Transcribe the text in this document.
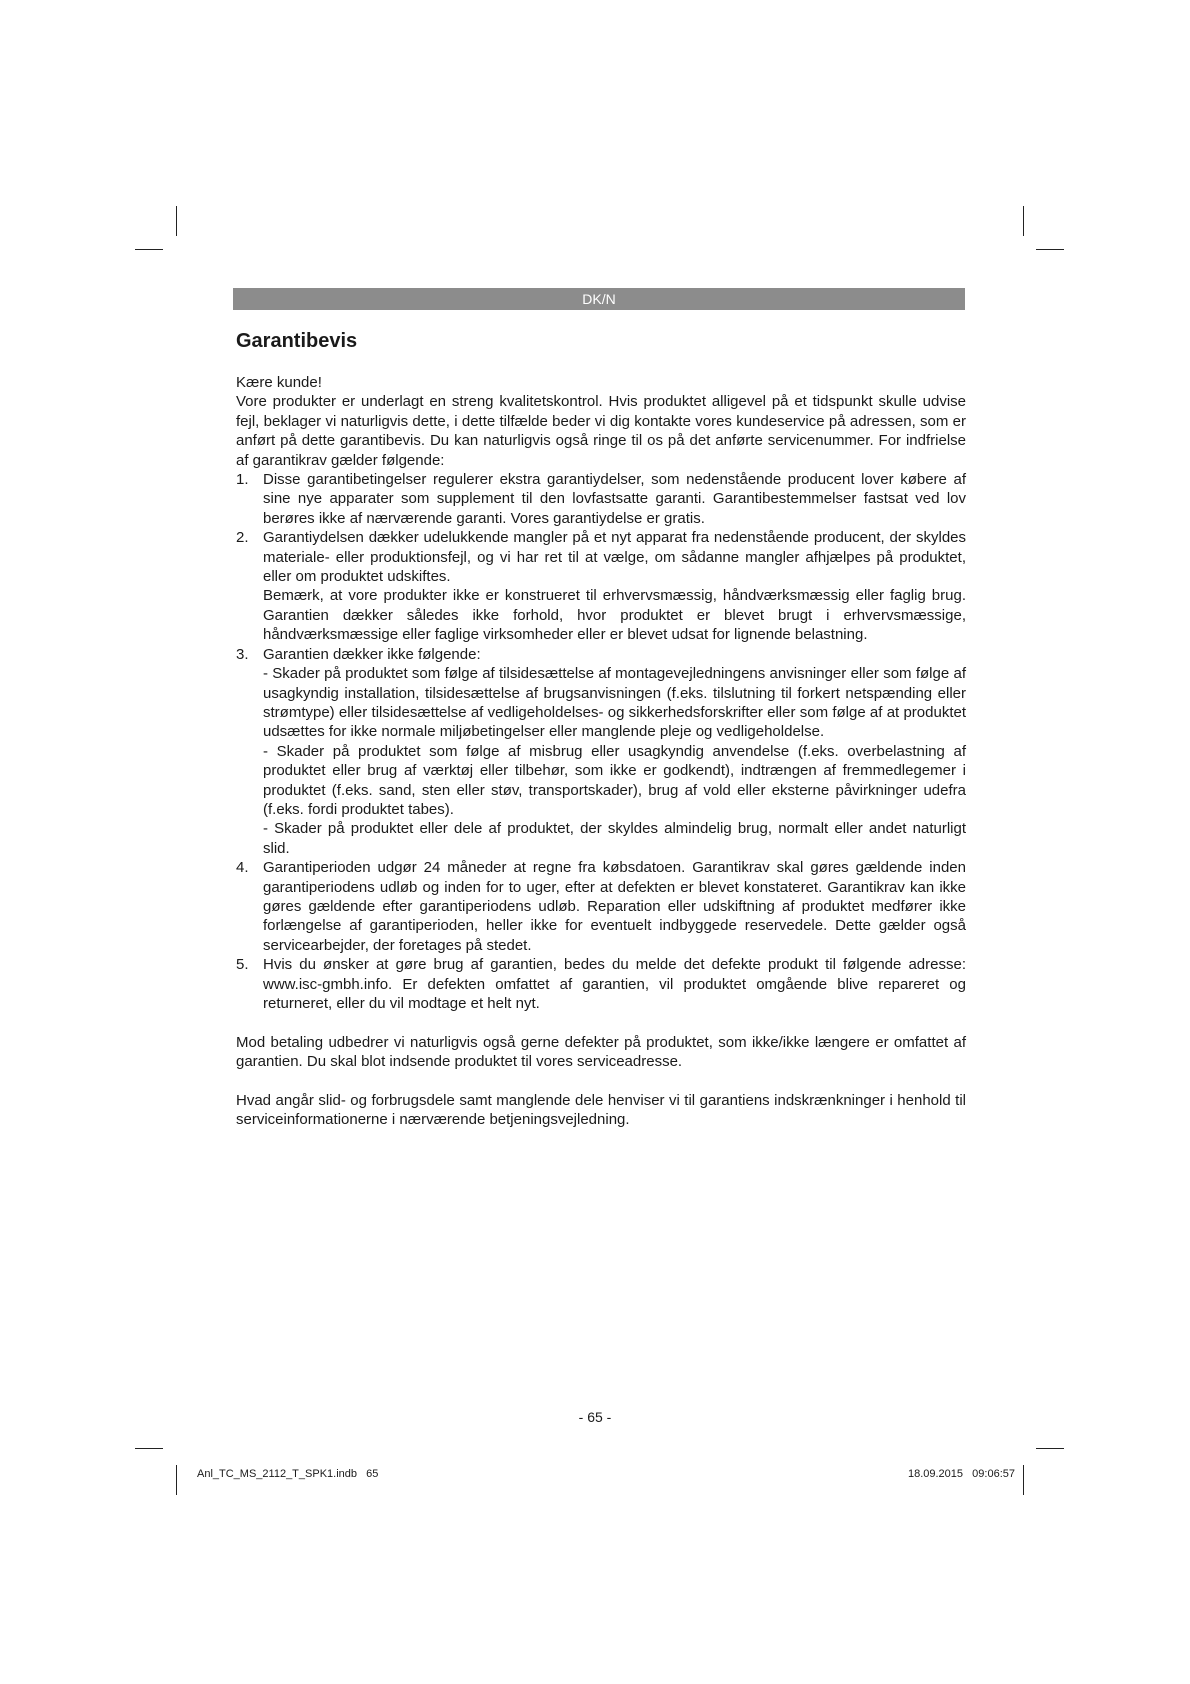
DK/N
Garantibevis

Kære kunde!

Vore produkter er underlagt en streng kvalitetskontrol. Hvis produktet alligevel på et tidspunkt skulle udvise fejl, beklager vi naturligvis dette, i dette tilfælde beder vi dig kontakte vores kundeservice på adressen, som er anført på dette garantibevis. Du kan naturligvis også ringe til os på det anførte servicenummer. For indfrielse af garantikrav gælder følgende:

1. Disse garantibetingelser regulerer ekstra garantiydelser, som nedenstående producent lover købere af sine nye apparater som supplement til den lovfastsatte garanti. Garantibestemmelser fastsat ved lov berøres ikke af nærværende garanti. Vores garantiydelse er gratis.

2. Garantiydelsen dækker udelukkende mangler på et nyt apparat fra nedenstående producent, der skyldes materiale- eller produktionsfejl, og vi har ret til at vælge, om sådanne mangler afhjælpes på produktet, eller om produktet udskiftes.

Bemærk, at vore produkter ikke er konstrueret til erhvervsmæssig, håndværksmæssig eller faglig brug. Garantien dækker således ikke forhold, hvor produktet er blevet brugt i erhvervsmæssige, håndværksmæssige eller faglige virksomheder eller er blevet udsat for lignende belastning.

3. Garantien dækker ikke følgende:

- Skader på produktet som følge af tilsidesættelse af montagevejledningens anvisninger eller som følge af usagkyndig installation, tilsidesættelse af brugsanvisningen (f.eks. tilslutning til forkert netspænding eller strømtype) eller tilsidesættelse af vedligeholdelses- og sikkerhedsforskrifter eller som følge af at produktet udsættes for ikke normale miljøbetingelser eller manglende pleje og vedligeholdelse.

- Skader på produktet som følge af misbrug eller usagkyndig anvendelse (f.eks. overbelastning af produktet eller brug af værktøj eller tilbehør, som ikke er godkendt), indtrængen af fremmedlegemer i produktet (f.eks. sand, sten eller støv, transportskader), brug af vold eller eksterne påvirkninger udefra (f.eks. fordi produktet tabes).

- Skader på produktet eller dele af produktet, der skyldes almindelig brug, normalt eller andet naturligt slid.

4. Garantiperioden udgør 24 måneder at regne fra købsdatoen. Garantikrav skal gøres gældende inden garantiperiodens udløb og inden for to uger, efter at defekten er blevet konstateret. Garantikrav kan ikke gøres gældende efter garantiperiodens udløb. Reparation eller udskiftning af produktet medfører ikke forlængelse af garantiperioden, heller ikke for eventuelt indbyggede reservedele. Dette gælder også servicearbejder, der foretages på stedet.

5. Hvis du ønsker at gøre brug af garantien, bedes du melde det defekte produkt til følgende adresse: www.isc-gmbh.info. Er defekten omfattet af garantien, vil produktet omgående blive repareret og returneret, eller du vil modtage et helt nyt.

Mod betaling udbedrer vi naturligvis også gerne defekter på produktet, som ikke/ikke længere er omfattet af garantien. Du skal blot indsende produktet til vores serviceadresse.

Hvad angår slid- og forbrugsdele samt manglende dele henviser vi til garantiens indskrænkninger i henhold til serviceinformationerne i nærværende betjeningsvejledning.

- 65 -
Anl_TC_MS_2112_T_SPK1.indb   65	18.09.2015   09:06:57
